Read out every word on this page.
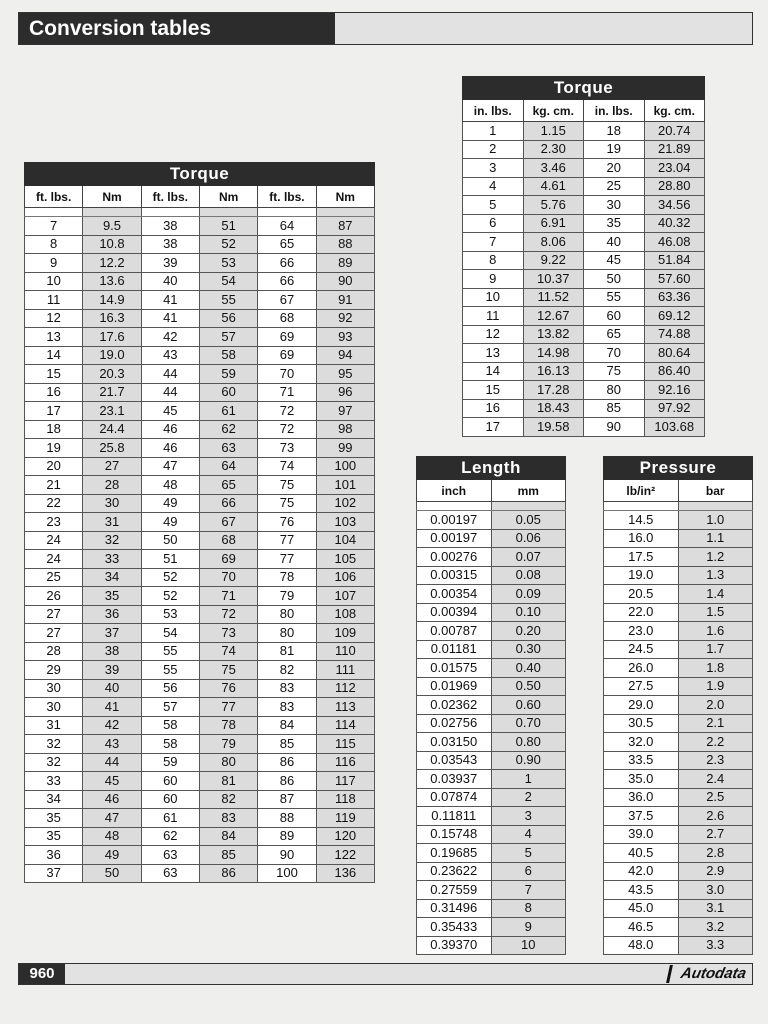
Conversion tables
Torque					
ft. lbs.	Nm	ft. lbs.	Nm	ft. lbs.	Nm

7	9.5	38	51	64	87
8	10.8	38	52	65	88
9	12.2	39	53	66	89
10	13.6	40	54	66	90
11	14.9	41	55	67	91
12	16.3	41	56	68	92
13	17.6	42	57	69	93
14	19.0	43	58	69	94
15	20.3	44	59	70	95
16	21.7	44	60	71	96
17	23.1	45	61	72	97
18	24.4	46	62	72	98
19	25.8	46	63	73	99
20	27	47	64	74	100
21	28	48	65	75	101
22	30	49	66	75	102
23	31	49	67	76	103
24	32	50	68	77	104
24	33	51	69	77	105
25	34	52	70	78	106
26	35	52	71	79	107
27	36	53	72	80	108
27	37	54	73	80	109
28	38	55	74	81	110
29	39	55	75	82	111
30	40	56	76	83	112
30	41	57	77	83	113
31	42	58	78	84	114
32	43	58	79	85	115
32	44	59	80	86	116
33	45	60	81	86	117
34	46	60	82	87	118
35	47	61	83	88	119
35	48	62	84	89	120
36	49	63	85	90	122
37	50	63	86	100	136
Torque			
in. lbs.	kg. cm.	in. lbs.	kg. cm.
1	1.15	18	20.74
2	2.30	19	21.89
3	3.46	20	23.04
4	4.61	25	28.80
5	5.76	30	34.56
6	6.91	35	40.32
7	8.06	40	46.08
8	9.22	45	51.84
9	10.37	50	57.60
10	11.52	55	63.36
11	12.67	60	69.12
12	13.82	65	74.88
13	14.98	70	80.64
14	16.13	75	86.40
15	17.28	80	92.16
16	18.43	85	97.92
17	19.58	90	103.68
Length	
inch	mm

0.00197	0.05
0.00197	0.06
0.00276	0.07
0.00315	0.08
0.00354	0.09
0.00394	0.10
0.00787	0.20
0.01181	0.30
0.01575	0.40
0.01969	0.50
0.02362	0.60
0.02756	0.70
0.03150	0.80
0.03543	0.90
0.03937	1
0.07874	2
0.11811	3
0.15748	4
0.19685	5
0.23622	6
0.27559	7
0.31496	8
0.35433	9
0.39370	10
Pressure	
lb/in²	bar

14.5	1.0
16.0	1.1
17.5	1.2
19.0	1.3
20.5	1.4
22.0	1.5
23.0	1.6
24.5	1.7
26.0	1.8
27.5	1.9
29.0	2.0
30.5	2.1
32.0	2.2
33.5	2.3
35.0	2.4
36.0	2.5
37.5	2.6
39.0	2.7
40.5	2.8
42.0	2.9
43.5	3.0
45.0	3.1
46.5	3.2
48.0	3.3
960	Autodata
